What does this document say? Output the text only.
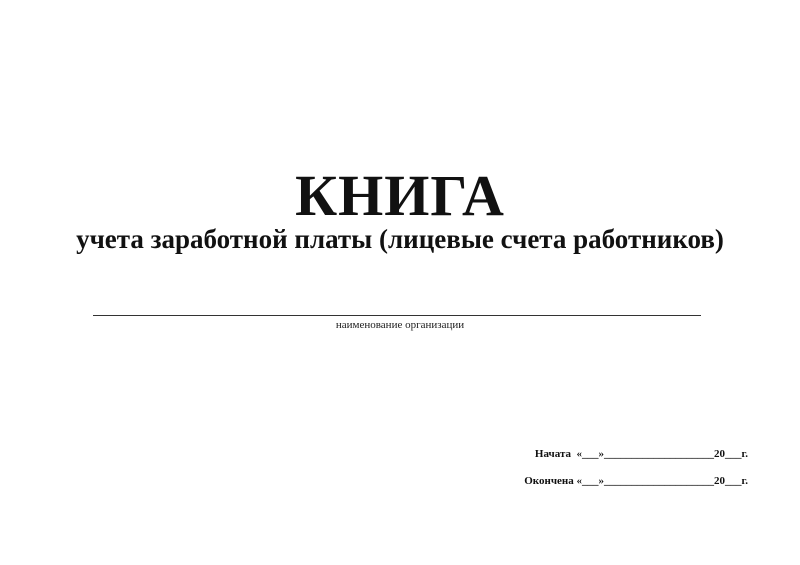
КНИГА
учета заработной платы (лицевые счета работников)
наименование организации
Начата  «___»____________________20___г.
Окончена «___»____________________20___г.
